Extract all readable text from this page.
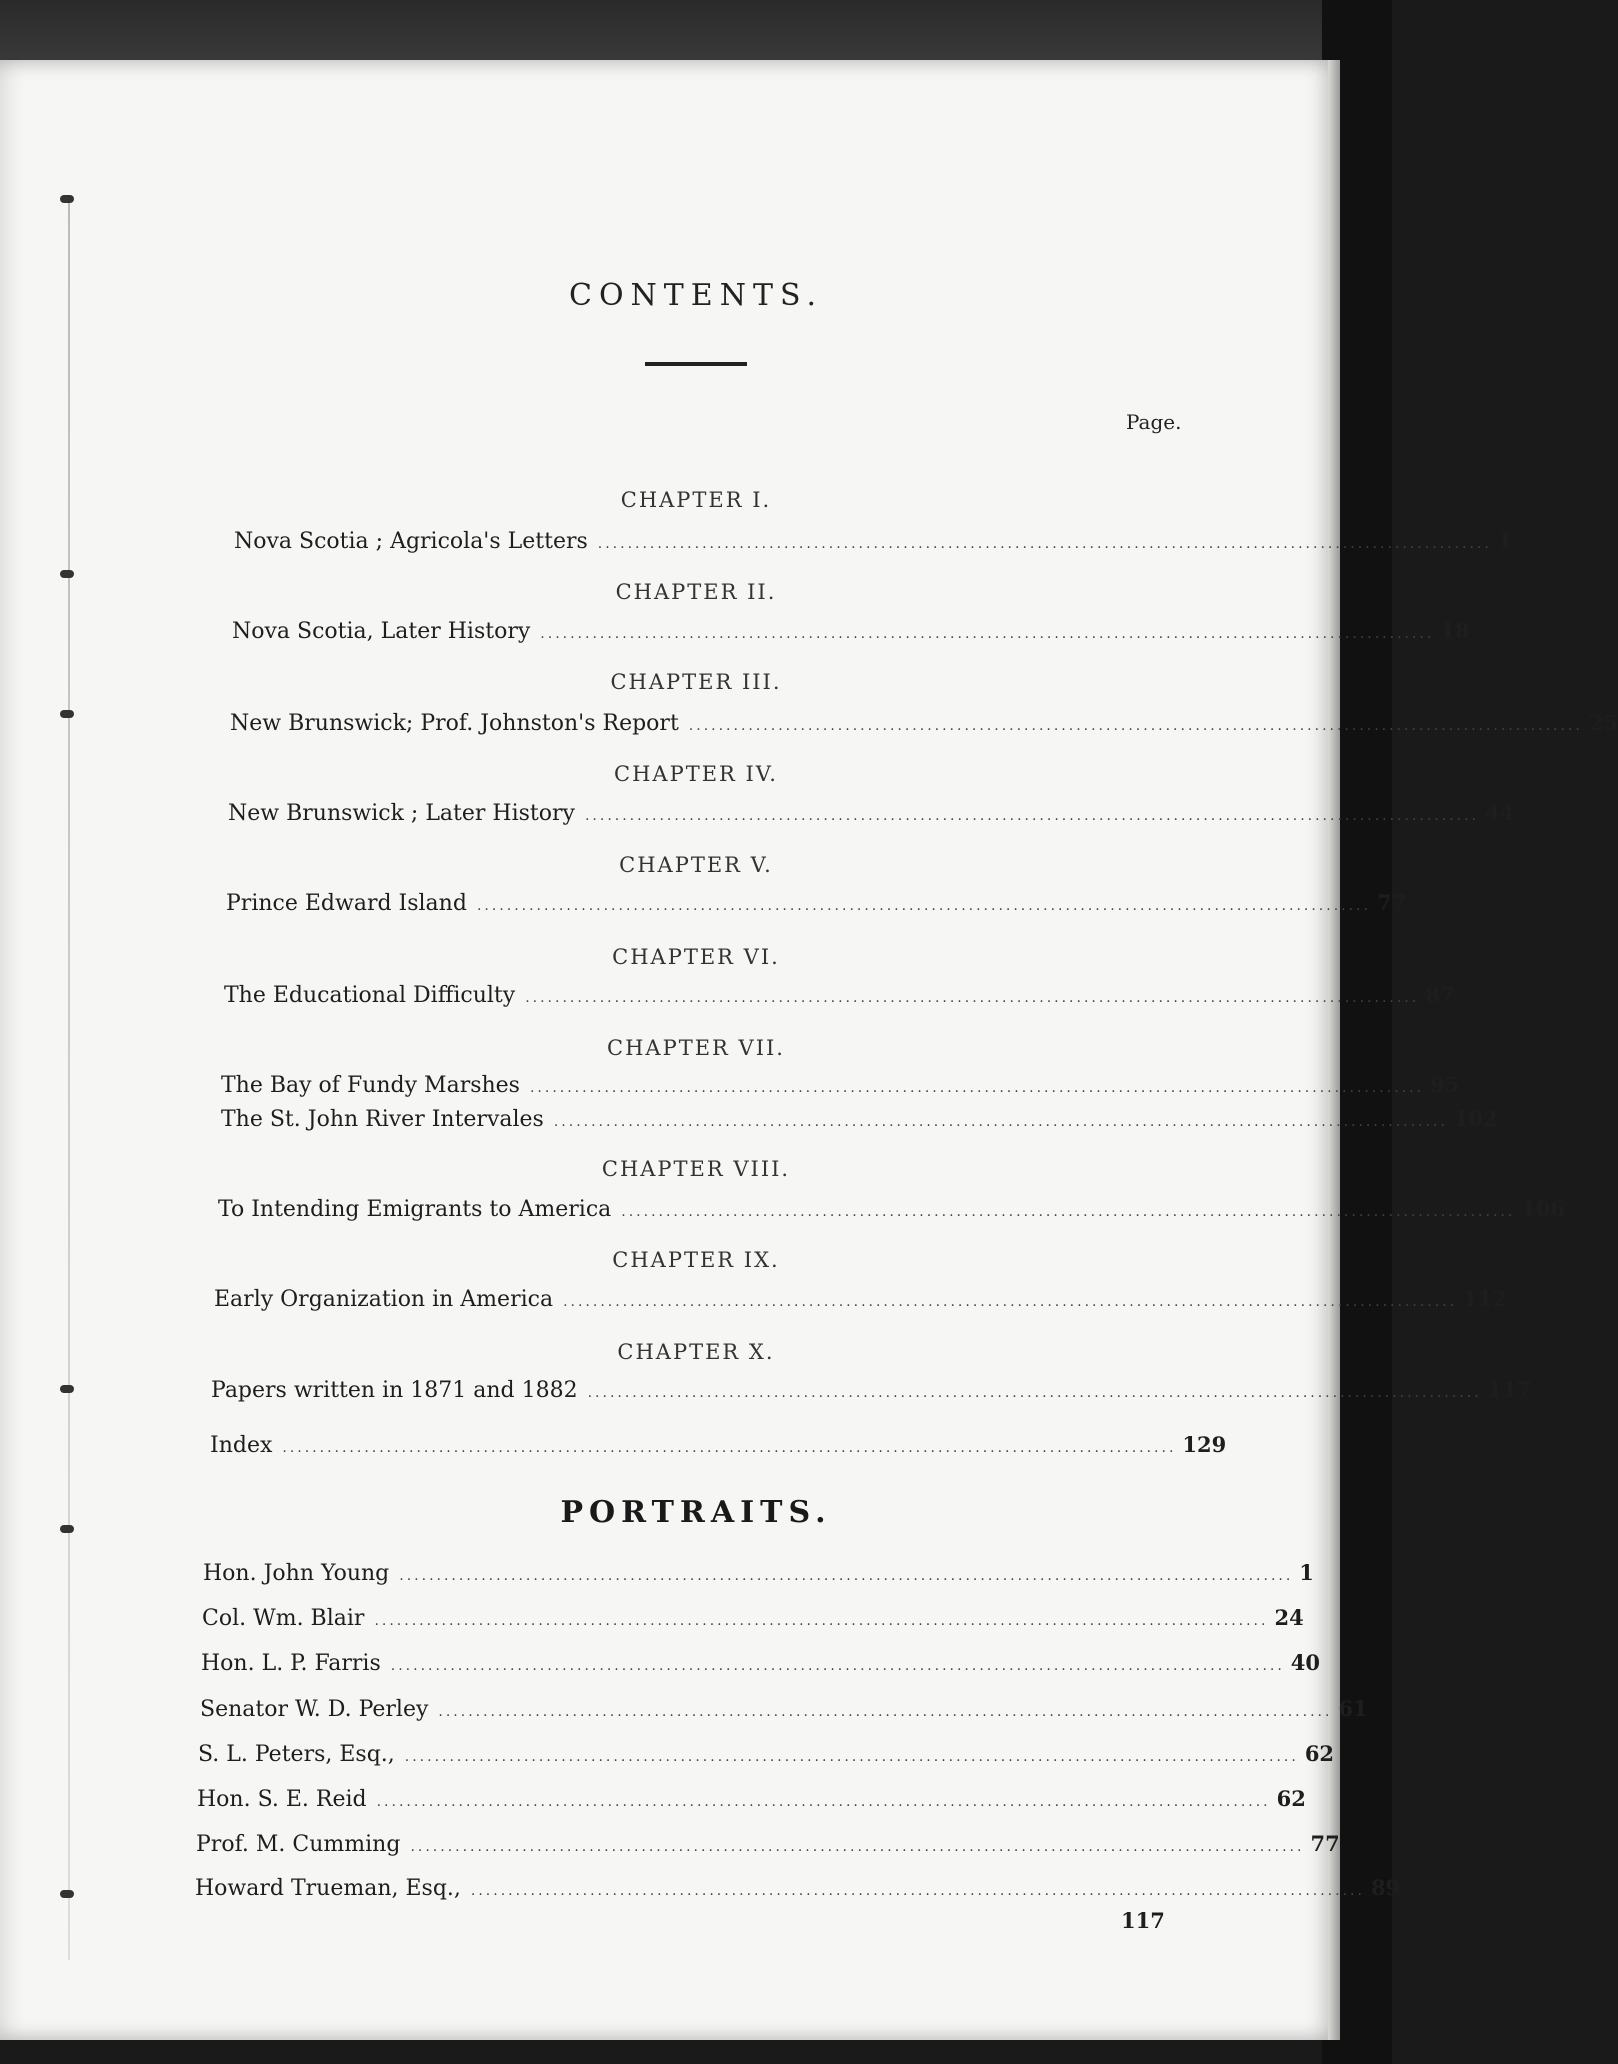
CONTENTS.
Page.
CHAPTER I.
Nova Scotia ; Agricola's Letters ........................................................................................................................ 1
CHAPTER II.
Nova Scotia, Later History ........................................................................................................................ 18
CHAPTER III.
New Brunswick; Prof. Johnston's Report ........................................................................................................................ 25
CHAPTER IV.
New Brunswick ; Later History ........................................................................................................................ 44
CHAPTER V.
Prince Edward Island ........................................................................................................................ 77
CHAPTER VI.
The Educational Difficulty ........................................................................................................................ 87
CHAPTER VII.
The Bay of Fundy Marshes ........................................................................................................................ 95
The St. John River Intervales ........................................................................................................................ 102
CHAPTER VIII.
To Intending Emigrants to America ........................................................................................................................ 106
CHAPTER IX.
Early Organization in America ........................................................................................................................ 112
CHAPTER X.
Papers written in 1871 and 1882 ........................................................................................................................ 117
Index ........................................................................................................................ 129
PORTRAITS.
Hon. John Young ........................................................................................................................ 1
Col. Wm. Blair ........................................................................................................................ 24
Hon. L. P. Farris ........................................................................................................................ 40
Senator W. D. Perley ........................................................................................................................ 61
S. L. Peters, Esq., ........................................................................................................................ 62
Hon. S. E. Reid ........................................................................................................................ 62
Prof. M. Cumming ........................................................................................................................ 77
Howard Trueman, Esq., ........................................................................................................................ 89
117
